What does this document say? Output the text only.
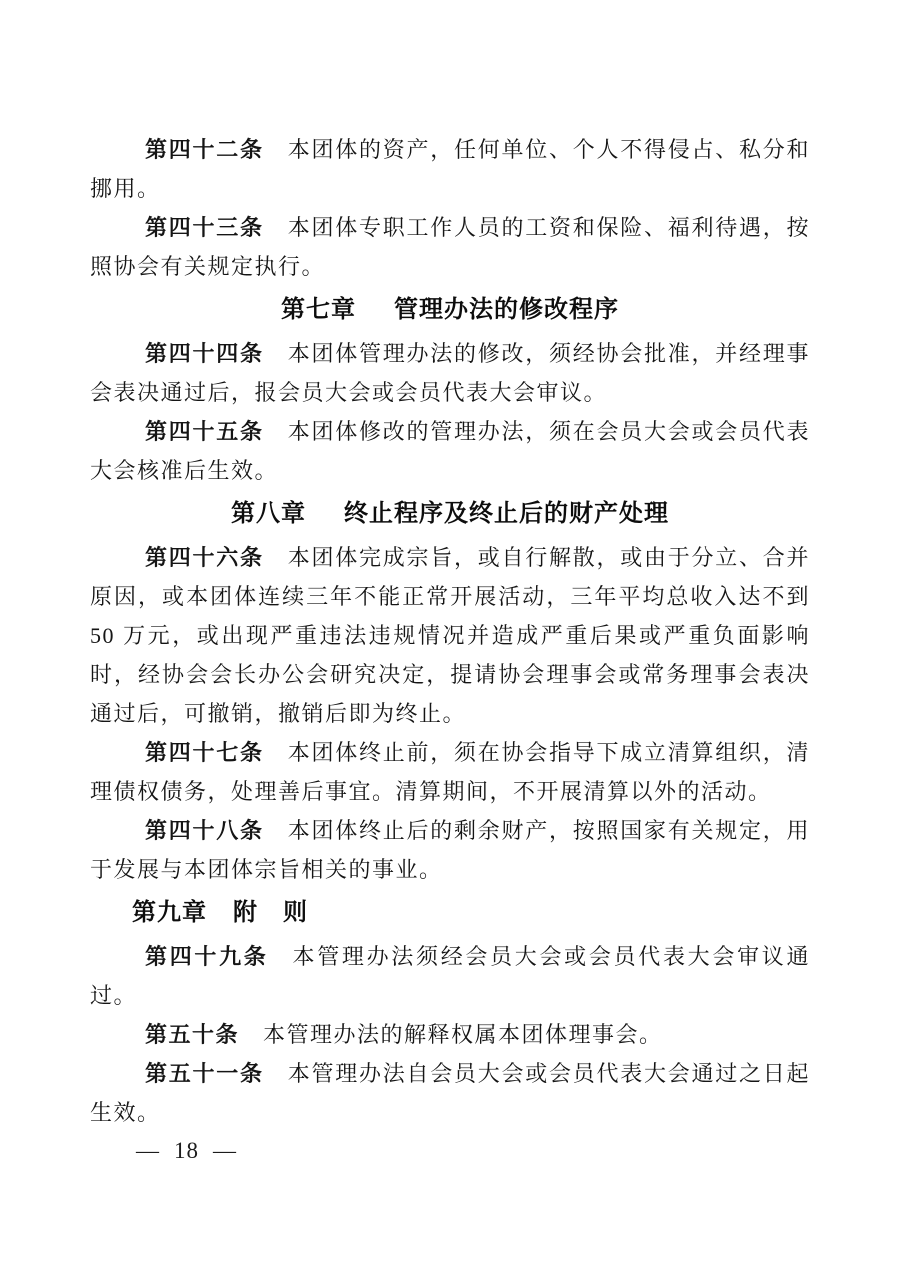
第四十二条 本团体的资产，任何单位、个人不得侵占、私分和挪用。

第四十三条 本团体专职工作人员的工资和保险、福利待遇，按照协会有关规定执行。

第七章 管理办法的修改程序

第四十四条 本团体管理办法的修改，须经协会批准，并经理事会表决通过后，报会员大会或会员代表大会审议。

第四十五条 本团体修改的管理办法，须在会员大会或会员代表大会核准后生效。

第八章 终止程序及终止后的财产处理

第四十六条 本团体完成宗旨，或自行解散，或由于分立、合并原因，或本团体连续三年不能正常开展活动，三年平均总收入达不到 50 万元，或出现严重违法违规情况并造成严重后果或严重负面影响时，经协会会长办公会研究决定，提请协会理事会或常务理事会表决通过后，可撤销，撤销后即为终止。

第四十七条 本团体终止前，须在协会指导下成立清算组织，清理债权债务，处理善后事宜。清算期间，不开展清算以外的活动。

第四十八条 本团体终止后的剩余财产，按照国家有关规定，用于发展与本团体宗旨相关的事业。

第九章 附　则

第四十九条 本管理办法须经会员大会或会员代表大会审议通过。

第五十条 本管理办法的解释权属本团体理事会。

第五十一条 本管理办法自会员大会或会员代表大会通过之日起生效。

— 18 —
